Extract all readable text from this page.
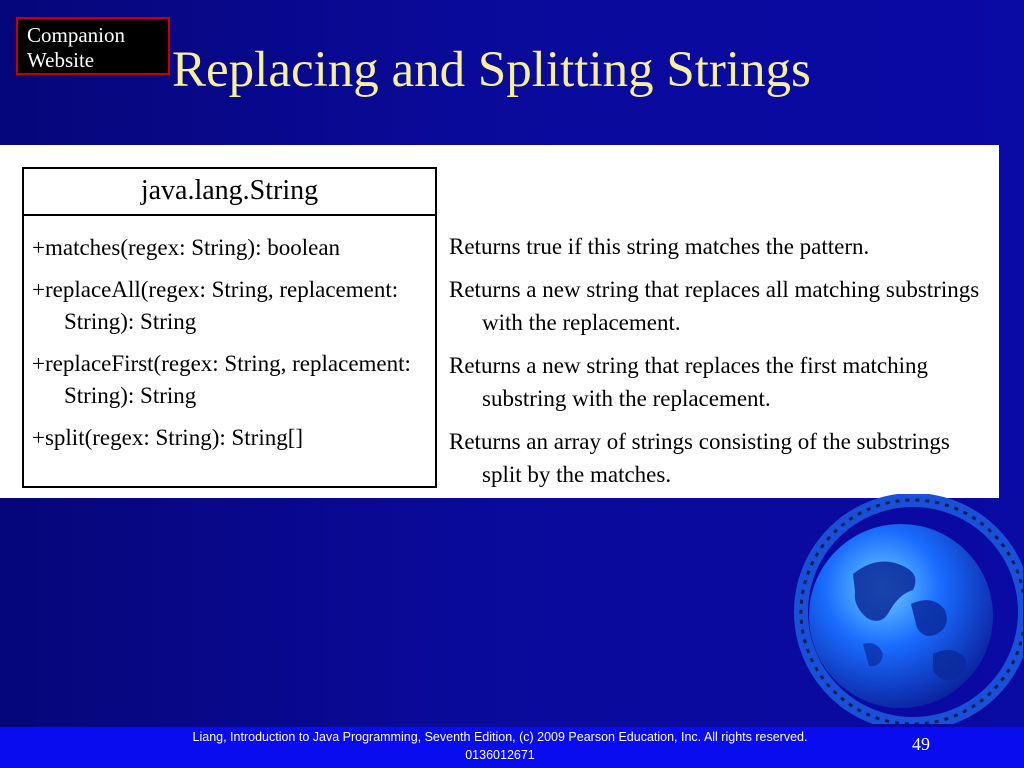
Companion
Website	Replacing and Splitting Strings
java.lang.String
+matches(regex: String): boolean
+replaceAll(regex: String, replacement: String): String
+replaceFirst(regex: String, replacement: String): String
+split(regex: String): String[]
Returns true if this string matches the pattern.
Returns a new string that replaces all matching substrings with the replacement.
Returns a new string that replaces the first matching substring with the replacement.
Returns an array of strings consisting of the substrings split by the matches.
Liang, Introduction to Java Programming, Seventh Edition, (c) 2009 Pearson Education, Inc. All rights reserved. 0136012671
49
